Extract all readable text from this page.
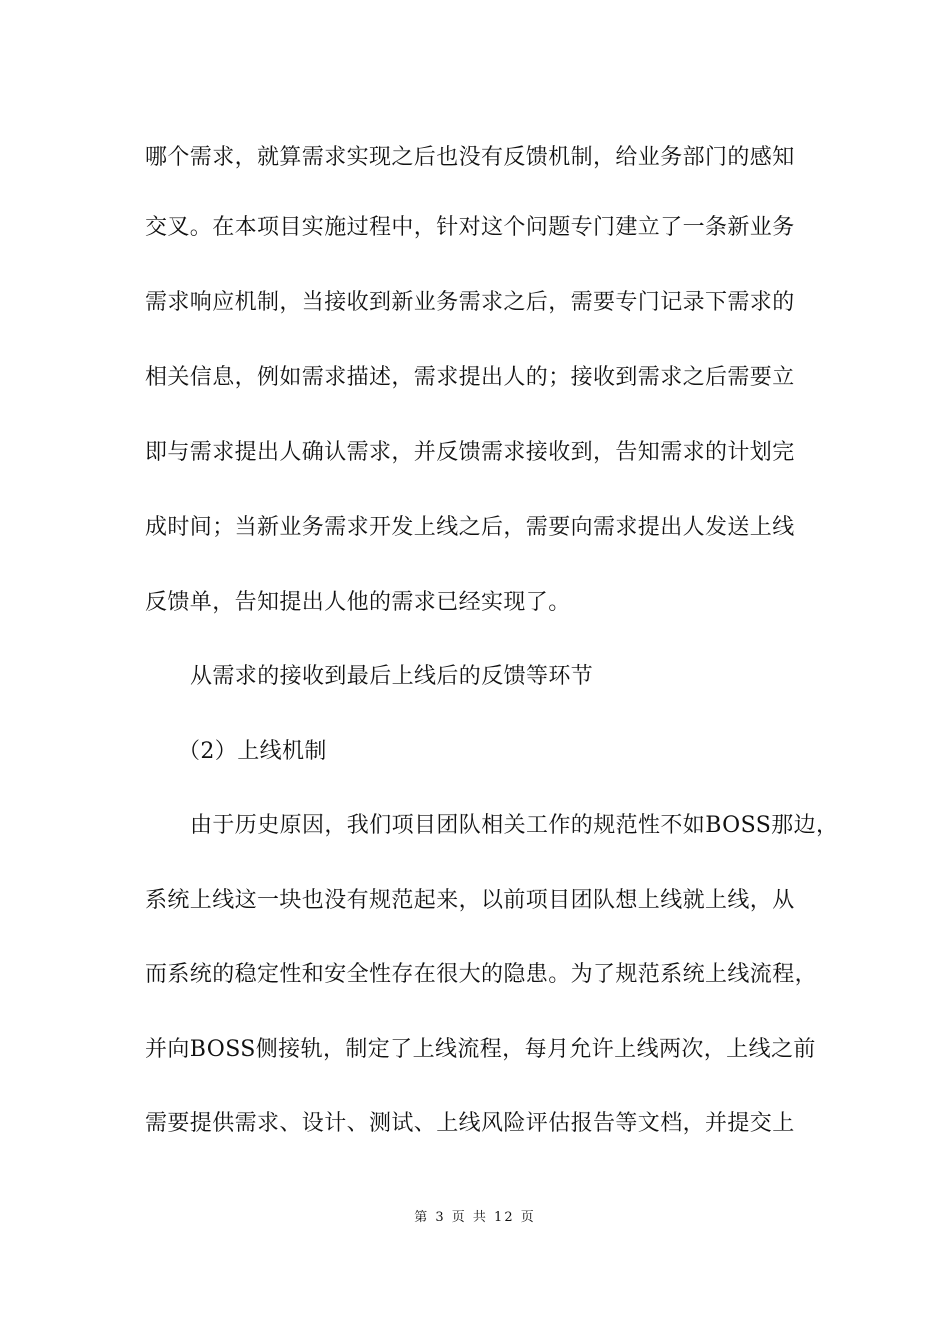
哪个需求，就算需求实现之后也没有反馈机制，给业务部门的感知
交叉。在本项目实施过程中，针对这个问题专门建立了一条新业务
需求响应机制，当接收到新业务需求之后，需要专门记录下需求的
相关信息，例如需求描述，需求提出人的；接收到需求之后需要立
即与需求提出人确认需求，并反馈需求接收到，告知需求的计划完
成时间；当新业务需求开发上线之后，需要向需求提出人发送上线
反馈单，告知提出人他的需求已经实现了。
从需求的接收到最后上线后的反馈等环节
（2）上线机制
由于历史原因，我们项目团队相关工作的规范性不如BOSS那边，
系统上线这一块也没有规范起来，以前项目团队想上线就上线，从
而系统的稳定性和安全性存在很大的隐患。为了规范系统上线流程，
并向BOSS侧接轨，制定了上线流程，每月允许上线两次，上线之前
需要提供需求、设计、测试、上线风险评估报告等文档，并提交上
第 3 页 共 12 页
